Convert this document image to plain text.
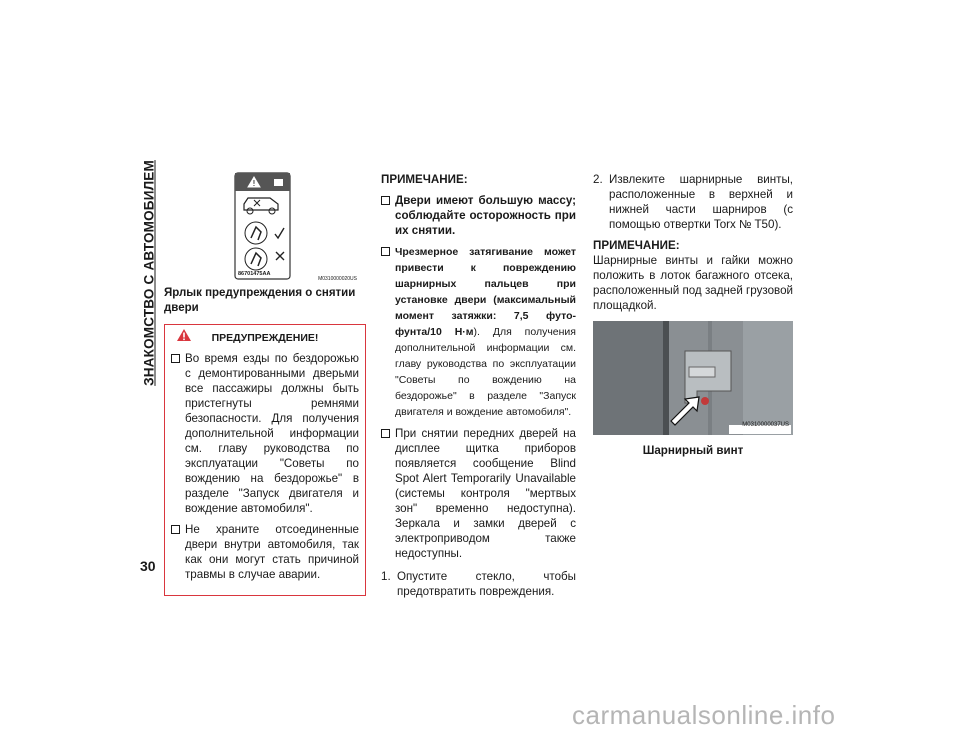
ЗНАКОМСТВО С АВТОМОБИЛЕМ
30
!
86701475AA
M0310000020US
Ярлык предупреждения о снятии двери
ПРЕДУПРЕЖДЕНИЕ!
Во время езды по бездорожью с демонтированными дверьми все пассажиры должны быть пристегнуты ремнями безопасности. Для получения дополнительной информации см. главу руководства по эксплуатации "Советы по вождению на бездорожье" в разделе "Запуск двигателя и вождение автомобиля".
Не храните отсоединенные двери внутри автомобиля, так как они могут стать причиной травмы в случае аварии.
ПРИМЕЧАНИЕ:
Двери имеют большую массу; соблюдайте осторожность при их снятии.
Чрезмерное затягивание может привести к повреждению шарнирных пальцев при установке двери (максимальный момент затяжки: 7,5 футо-фунта/10 Н·м). Для получения дополнительной информации см. главу руководства по эксплуатации "Советы по вождению на бездорожье" в разделе "Запуск двигателя и вождение автомобиля".
При снятии передних дверей на дисплее щитка приборов появляется сообщение Blind Spot Alert Temporarily Unavailable (системы контроля "мертвых зон" временно недоступна). Зеркала и замки дверей с электроприводом также недоступны.
1. Опустите стекло, чтобы предотвратить повреждения.
2. Извлеките шарнирные винты, расположенные в верхней и нижней части шарниров (с помощью отвертки Torx № T50).
ПРИМЕЧАНИЕ:
Шарнирные винты и гайки можно положить в лоток багажного отсека, расположенный под задней грузовой площадкой.
M0310000037US
Шарнирный винт
carmanualsonline.info
